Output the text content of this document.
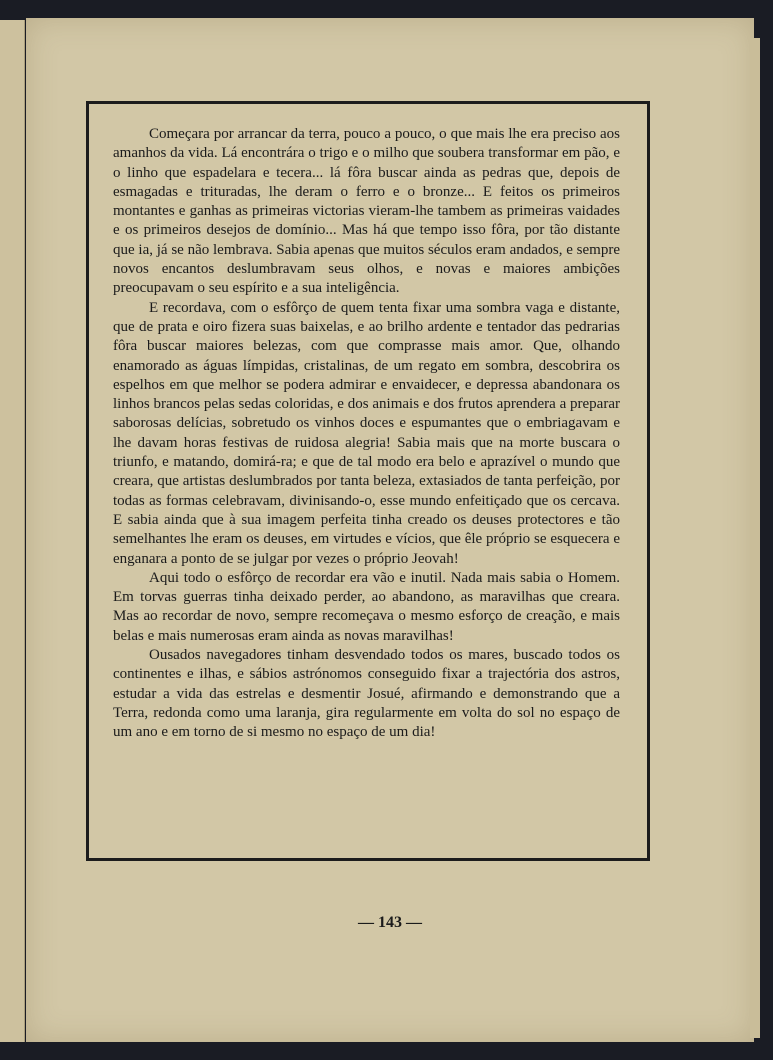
— 143 —

Começara por arrancar da terra, pouco a pouco, o que mais lhe era preciso aos amanhos da vida. Lá encontrára o trigo e o milho que soubera transformar em pão, e o linho que espadelara e tecera... lá fôra buscar ainda as pedras que, depois de esmagadas e trituradas, lhe deram o ferro e o bronze... E feitos os primeiros montantes e ganhas as primeiras victorias vieram-lhe tambem as primeiras vaidades e os primeiros desejos de domínio... Mas há que tempo isso fôra, por tão distante que ia, já se não lembrava. Sabia apenas que muitos séculos eram andados, e sempre novos encantos deslumbravam seus olhos, e novas e maiores ambições preocupavam o seu espírito e a sua inteligência.

E recordava, com o esfôrço de quem tenta fixar uma sombra vaga e distante, que de prata e oiro fizera suas baixelas, e ao brilho ardente e tentador das pedrarias fôra buscar maiores belezas, com que comprasse mais amor. Que, olhando enamorado as águas límpidas, cristalinas, de um regato em sombra, descobrira os espelhos em que melhor se podera admirar e envaidecer, e depressa abandonara os linhos brancos pelas sedas coloridas, e dos animais e dos frutos aprendera a preparar saborosas delícias, sobretudo os vinhos doces e espumantes que o embriagavam e lhe davam horas festivas de ruidosa alegria! Sabia mais que na morte buscara o triunfo, e matando, domirá-ra; e que de tal modo era belo e aprazível o mundo que creara, que artistas deslumbrados por tanta beleza, extasiados de tanta perfeição, por todas as formas celebravam, divinisando-o, esse mundo enfeitiçado que os cercava. E sabia ainda que à sua imagem perfeita tinha creado os deuses protectores e tão semelhantes lhe eram os deuses, em virtudes e vícios, que êle próprio se esquecera e enganara a ponto de se julgar por vezes o próprio Jeovah!

Aqui todo o esfôrço de recordar era vão e inutil. Nada mais sabia o Homem. Em torvas guerras tinha deixado perder, ao abandono, as maravilhas que creara. Mas ao recordar de novo, sempre recomeçava o mesmo esforço de creação, e mais belas e mais numerosas eram ainda as novas maravilhas!

Ousados navegadores tinham desvendado todos os mares, buscado todos os continentes e ilhas, e sábios astrónomos conseguido fixar a trajectória dos astros, estudar a vida das estrelas e desmentir Josué, afirmando e demonstrando que a Terra, redonda como uma laranja, gira regularmente em volta do sol no espaço de um ano e em torno de si mesmo no espaço de um dia!
